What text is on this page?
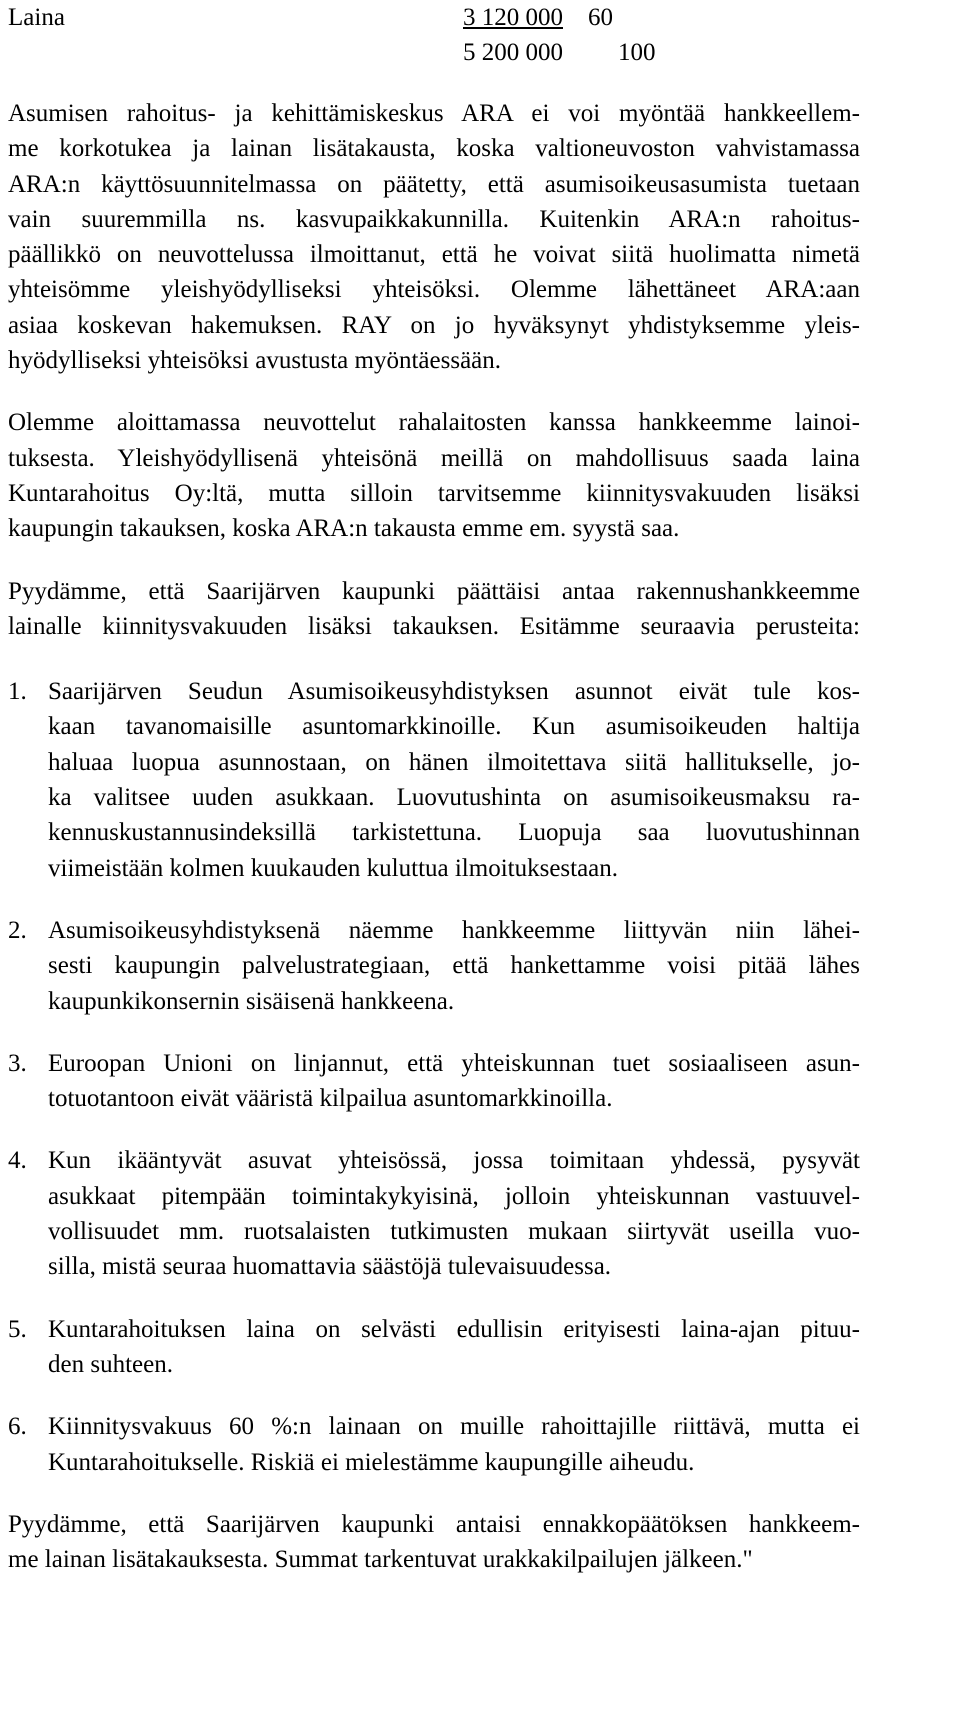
Laina	3 120 000 60
5 200 000 100

Asumisen rahoitus- ja kehittämiskeskus ARA ei voi myöntää hankkeellem-
me korkotukea ja lainan lisätakausta, koska valtioneuvoston vahvistamassa
ARA:n käyttösuunnitelmassa on päätetty, että asumisoikeusasumista tuetaan
vain suuremmilla ns. kasvupaikkakunnilla. Kuitenkin ARA:n rahoitus-
päällikkö on neuvottelussa ilmoittanut, että he voivat siitä huolimatta nimetä
yhteisömme yleishyödylliseksi yhteisöksi. Olemme lähettäneet ARA:aan
asiaa koskevan hakemuksen. RAY on jo hyväksynyt yhdistyksemme yleis-
hyödylliseksi yhteisöksi avustusta myöntäessään.

Olemme aloittamassa neuvottelut rahalaitosten kanssa hankkeemme lainoi-
tuksesta. Yleishyödyllisenä yhteisönä meillä on mahdollisuus saada laina
Kuntarahoitus Oy:ltä, mutta silloin tarvitsemme kiinnitysvakuuden lisäksi
kaupungin takauksen, koska ARA:n takausta emme em. syystä saa.

Pyydämme, että Saarijärven kaupunki päättäisi antaa rakennushankkeemme
lainalle kiinnitysvakuuden lisäksi takauksen. Esitämme seuraavia perusteita:

1. Saarijärven Seudun Asumisoikeusyhdistyksen asunnot eivät tule kos-
kaan tavanomaisille asuntomarkkinoille. Kun asumisoikeuden haltija
haluaa luopua asunnostaan, on hänen ilmoitettava siitä hallitukselle, jo-
ka valitsee uuden asukkaan. Luovutushinta on asumisoikeusmaksu ra-
kennuskustannusindeksillä tarkistettuna. Luopuja saa luovutushinnan
viimeistään kolmen kuukauden kuluttua ilmoituksestaan.
2. Asumisoikeusyhdistyksenä näemme hankkeemme liittyvän niin lähei-
sesti kaupungin palvelustrategiaan, että hankettamme voisi pitää lähes
kaupunkikonsernin sisäisenä hankkeena.
3. Euroopan Unioni on linjannut, että yhteiskunnan tuet sosiaaliseen asun-
totuotantoon eivät vääristä kilpailua asuntomarkkinoilla.
4. Kun ikääntyvät asuvat yhteisössä, jossa toimitaan yhdessä, pysyvät
asukkaat pitempään toimintakykyisinä, jolloin yhteiskunnan vastuuvel-
vollisuudet mm. ruotsalaisten tutkimusten mukaan siirtyvät useilla vuo-
silla, mistä seuraa huomattavia säästöjä tulevaisuudessa.
5. Kuntarahoituksen laina on selvästi edullisin erityisesti laina-ajan pituu-
den suhteen.
6. Kiinnitysvakuus 60 %:n lainaan on muille rahoittajille riittävä, mutta ei
Kuntarahoitukselle. Riskiä ei mielestämme kaupungille aiheudu.

Pyydämme, että Saarijärven kaupunki antaisi ennakkopäätöksen hankkeem-
me lainan lisätakauksesta. Summat tarkentuvat urakkakilpailujen jälkeen."
